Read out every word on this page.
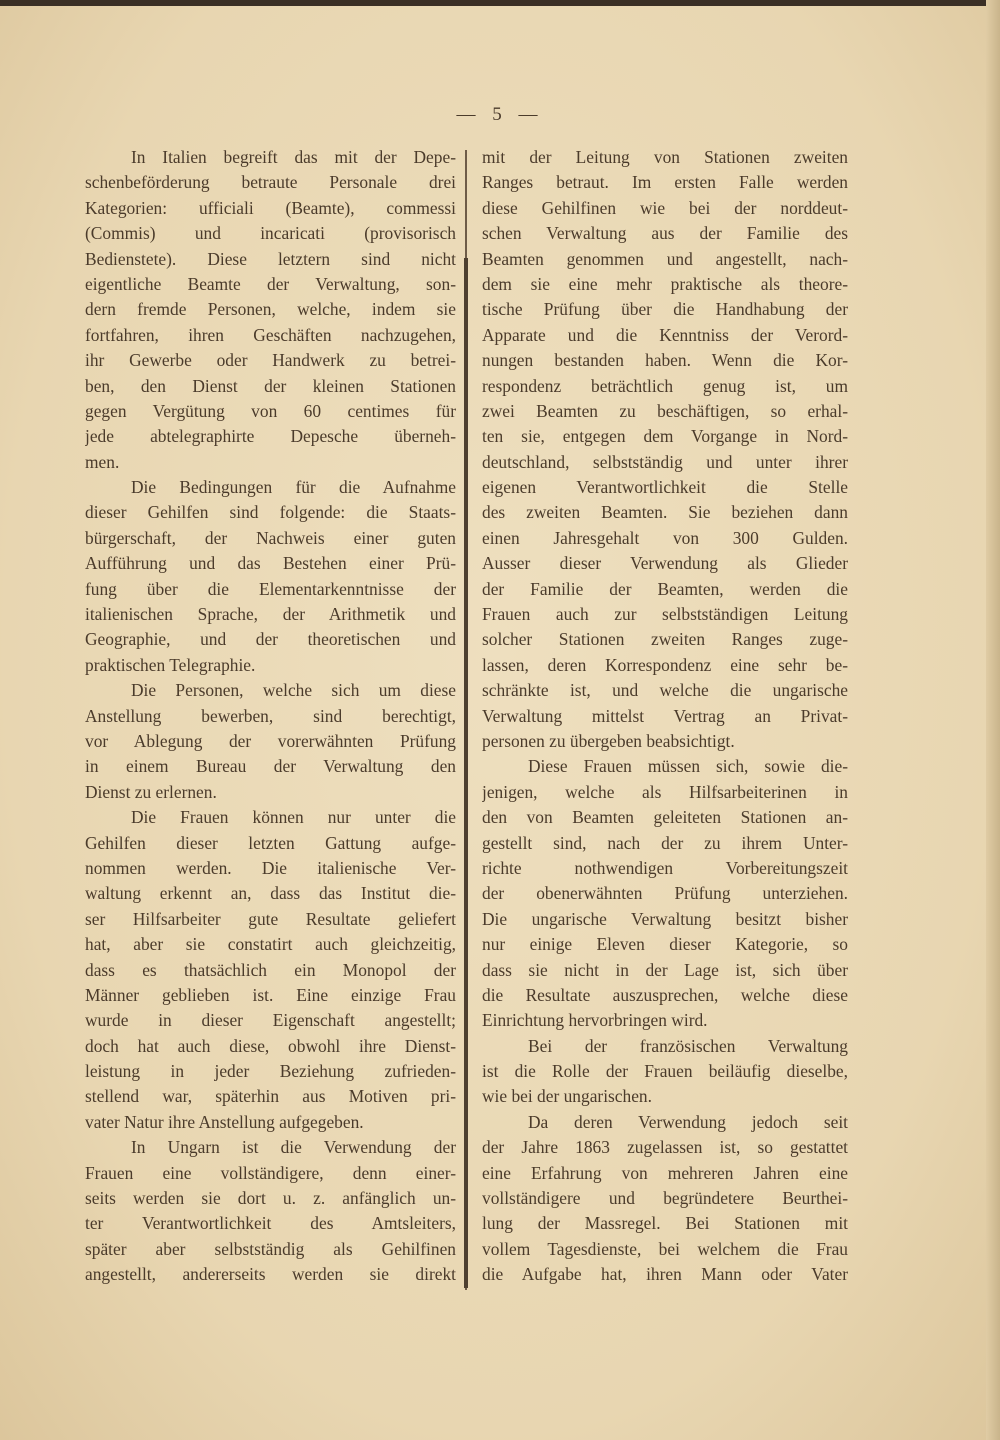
— 5 —
In Italien begreift das mit der Depe-
schenbeförderung betraute Personale drei
Kategorien: ufficiali (Beamte), commessi
(Commis) und incaricati (provisorisch
Bedienstete). Diese letztern sind nicht
eigentliche Beamte der Verwaltung, son-
dern fremde Personen, welche, indem sie
fortfahren, ihren Geschäften nachzugehen,
ihr Gewerbe oder Handwerk zu betrei-
ben, den Dienst der kleinen Stationen
gegen Vergütung von 60 centimes für
jede abtelegraphirte Depesche überneh-
men.
Die Bedingungen für die Aufnahme
dieser Gehilfen sind folgende: die Staats-
bürgerschaft, der Nachweis einer guten
Aufführung und das Bestehen einer Prü-
fung über die Elementarkenntnisse der
italienischen Sprache, der Arithmetik und
Geographie, und der theoretischen und
praktischen Telegraphie.
Die Personen, welche sich um diese
Anstellung bewerben, sind berechtigt,
vor Ablegung der vorerwähnten Prüfung
in einem Bureau der Verwaltung den
Dienst zu erlernen.
Die Frauen können nur unter die
Gehilfen dieser letzten Gattung aufge-
nommen werden. Die italienische Ver-
waltung erkennt an, dass das Institut die-
ser Hilfsarbeiter gute Resultate geliefert
hat, aber sie constatirt auch gleichzeitig,
dass es thatsächlich ein Monopol der
Männer geblieben ist. Eine einzige Frau
wurde in dieser Eigenschaft angestellt;
doch hat auch diese, obwohl ihre Dienst-
leistung in jeder Beziehung zufrieden-
stellend war, späterhin aus Motiven pri-
vater Natur ihre Anstellung aufgegeben.
In Ungarn ist die Verwendung der
Frauen eine vollständigere, denn einer-
seits werden sie dort u. z. anfänglich un-
ter Verantwortlichkeit des Amtsleiters,
später aber selbstständig als Gehilfinen
angestellt, andererseits werden sie direkt
mit der Leitung von Stationen zweiten
Ranges betraut. Im ersten Falle werden
diese Gehilfinen wie bei der norddeut-
schen Verwaltung aus der Familie des
Beamten genommen und angestellt, nach-
dem sie eine mehr praktische als theore-
tische Prüfung über die Handhabung der
Apparate und die Kenntniss der Verord-
nungen bestanden haben. Wenn die Kor-
respondenz beträchtlich genug ist, um
zwei Beamten zu beschäftigen, so erhal-
ten sie, entgegen dem Vorgange in Nord-
deutschland, selbstständig und unter ihrer
eigenen Verantwortlichkeit die Stelle
des zweiten Beamten. Sie beziehen dann
einen Jahresgehalt von 300 Gulden.
Ausser dieser Verwendung als Glieder
der Familie der Beamten, werden die
Frauen auch zur selbstständigen Leitung
solcher Stationen zweiten Ranges zuge-
lassen, deren Korrespondenz eine sehr be-
schränkte ist, und welche die ungarische
Verwaltung mittelst Vertrag an Privat-
personen zu übergeben beabsichtigt.
Diese Frauen müssen sich, sowie die-
jenigen, welche als Hilfsarbeiterinen in
den von Beamten geleiteten Stationen an-
gestellt sind, nach der zu ihrem Unter-
richte nothwendigen Vorbereitungszeit
der obenerwähnten Prüfung unterziehen.
Die ungarische Verwaltung besitzt bisher
nur einige Eleven dieser Kategorie, so
dass sie nicht in der Lage ist, sich über
die Resultate auszusprechen, welche diese
Einrichtung hervorbringen wird.
Bei der französischen Verwaltung
ist die Rolle der Frauen beiläufig dieselbe,
wie bei der ungarischen.
Da deren Verwendung jedoch seit
der Jahre 1863 zugelassen ist, so gestattet
eine Erfahrung von mehreren Jahren eine
vollständigere und begründetere Beurthei-
lung der Massregel. Bei Stationen mit
vollem Tagesdienste, bei welchem die Frau
die Aufgabe hat, ihren Mann oder Vater
